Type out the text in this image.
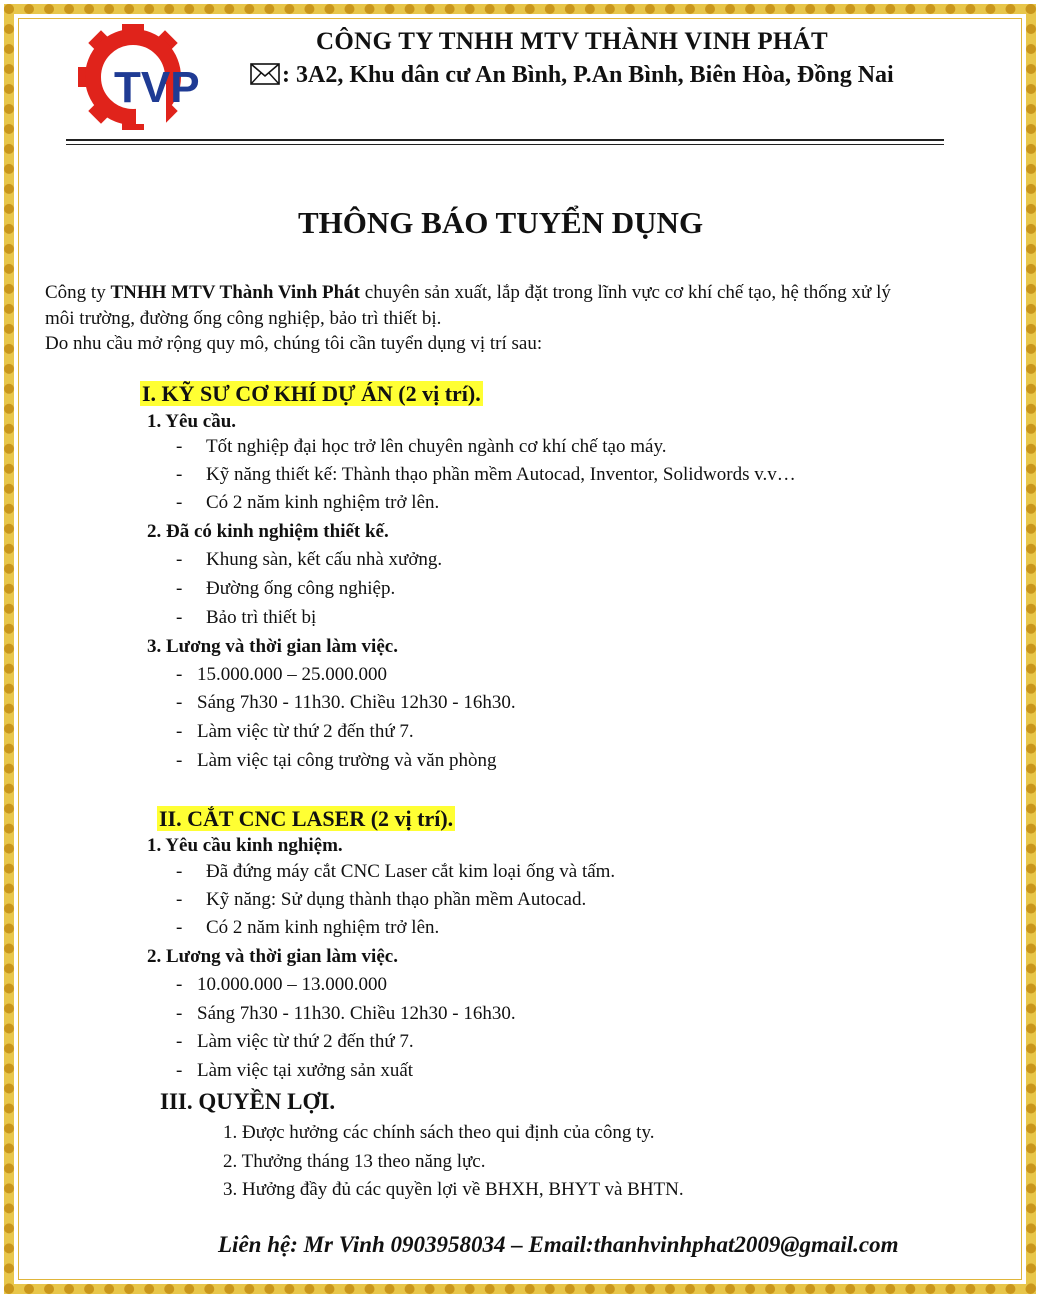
TVP
CÔNG TY TNHH MTV THÀNH VINH PHÁT
: 3A2, Khu dân cư An Bình, P.An Bình, Biên Hòa, Đồng Nai
THÔNG BÁO TUYỂN DỤNG
Công ty TNHH MTV Thành Vinh Phát chuyên sản xuất, lắp đặt trong lĩnh vực cơ khí chế tạo, hệ thống xử lý
môi trường, đường ống công nghiệp, bảo trì thiết bị.
Do nhu cầu mở rộng quy mô, chúng tôi cần tuyển dụng vị trí sau:
I. KỸ SƯ CƠ KHÍ DỰ ÁN (2 vị trí).
1. Yêu cầu.
- Tốt nghiệp đại học trở lên chuyên ngành cơ khí chế tạo máy.
- Kỹ năng thiết kế: Thành thạo phần mềm Autocad, Inventor, Solidwords v.v…
- Có 2 năm kinh nghiệm trở lên.
2. Đã có kinh nghiệm thiết kế.
- Khung sàn, kết cấu nhà xưởng.
- Đường ống công nghiệp.
- Bảo trì thiết bị
3. Lương và thời gian làm việc.
- 15.000.000 – 25.000.000
- Sáng 7h30 - 11h30. Chiều 12h30 - 16h30.
- Làm việc từ thứ 2 đến thứ 7.
- Làm việc tại công trường và văn phòng
II. CẮT CNC LASER (2 vị trí).
1. Yêu cầu kinh nghiệm.
- Đã đứng máy cắt CNC Laser cắt kim loại ống và tấm.
- Kỹ năng: Sử dụng thành thạo phần mềm Autocad.
- Có 2 năm kinh nghiệm trở lên.
2. Lương và thời gian làm việc.
- 10.000.000 – 13.000.000
- Sáng 7h30 - 11h30. Chiều 12h30 - 16h30.
- Làm việc từ thứ 2 đến thứ 7.
- Làm việc tại xưởng sản xuất
III. QUYỀN LỢI.
1. Được hưởng các chính sách theo qui định của công ty.
2. Thưởng tháng 13 theo năng lực.
3. Hưởng đầy đủ các quyền lợi về BHXH, BHYT và BHTN.
Liên hệ: Mr Vinh 0903958034 – Email:thanhvinhphat2009@gmail.com
